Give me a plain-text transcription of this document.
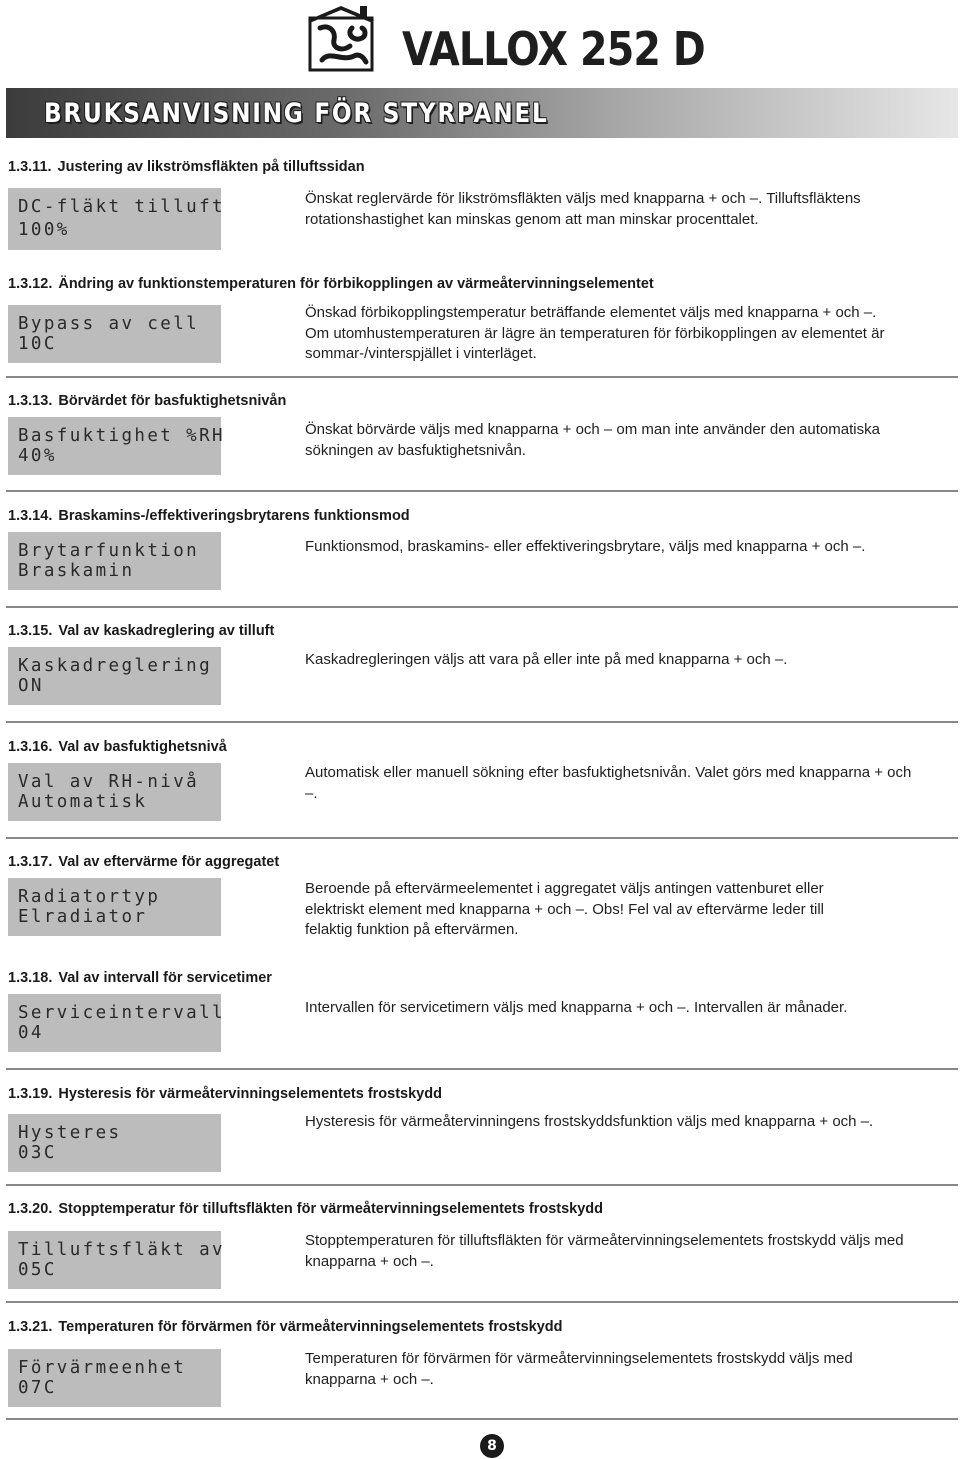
VALLOX 252 D
BRUKSANVISNING FÖR STYRPANEL
1.3.11. Justering av likströmsfläkten på tilluftssidan
DC-fläkt tilluft
100%
Önskat reglervärde för likströmsfläkten väljs med knapparna + och –. Tilluftsfläktens rotationshastighet kan minskas genom att man minskar procenttalet.
1.3.12. Ändring av funktionstemperaturen för förbikopplingen av värmeåtervinningselementet
Bypass av cell
10C
Önskad förbikopplingstemperatur beträffande elementet väljs med knapparna + och –. Om utomhustemperaturen är lägre än temperaturen för förbikopplingen av elementet är sommar-/vinterspjället i vinterläget.
1.3.13. Börvärdet för basfuktighetsnivån
Basfuktighet %RH
40%
Önskat börvärde väljs med knapparna + och – om man inte använder den automatiska sökningen av basfuktighetsnivån.
1.3.14. Braskamins-/effektiveringsbrytarens funktionsmod
Brytarfunktion
Braskamin
Funktionsmod, braskamins- eller effektiveringsbrytare, väljs med knapparna + och –.
1.3.15. Val av kaskadreglering av tilluft
Kaskadreglering
ON
Kaskadregleringen väljs att vara på eller inte på med knapparna + och –.
1.3.16. Val av basfuktighetsnivå
Val av RH-nivå
Automatisk
Automatisk eller manuell sökning efter basfuktighetsnivån. Valet görs med knapparna + och –.
1.3.17. Val av eftervärme för aggregatet
Radiatortyp
Elradiator
Beroende på eftervärmeelementet i aggregatet väljs antingen vattenburet eller elektriskt element med knapparna + och –. Obs! Fel val av eftervärme leder till felaktig funktion på eftervärmen.
1.3.18. Val av intervall för servicetimer
Serviceintervall
04
Intervallen för servicetimern väljs med knapparna + och –. Intervallen är månader.
1.3.19. Hysteresis för värmeåtervinningselementets frostskydd
Hysteres
03C
Hysteresis för värmeåtervinningens frostskyddsfunktion väljs med knapparna + och –.
1.3.20. Stopptemperatur för tilluftsfläkten för värmeåtervinningselementets frostskydd
Tilluftsfläkt av
05C
Stopptemperaturen för tilluftsfläkten för värmeåtervinningselementets frostskydd väljs med knapparna + och –.
1.3.21. Temperaturen för förvärmen för värmeåtervinningselementets frostskydd
Förvärmeenhet
07C
Temperaturen för förvärmen för värmeåtervinningselementets frostskydd väljs med knapparna + och –.
8
